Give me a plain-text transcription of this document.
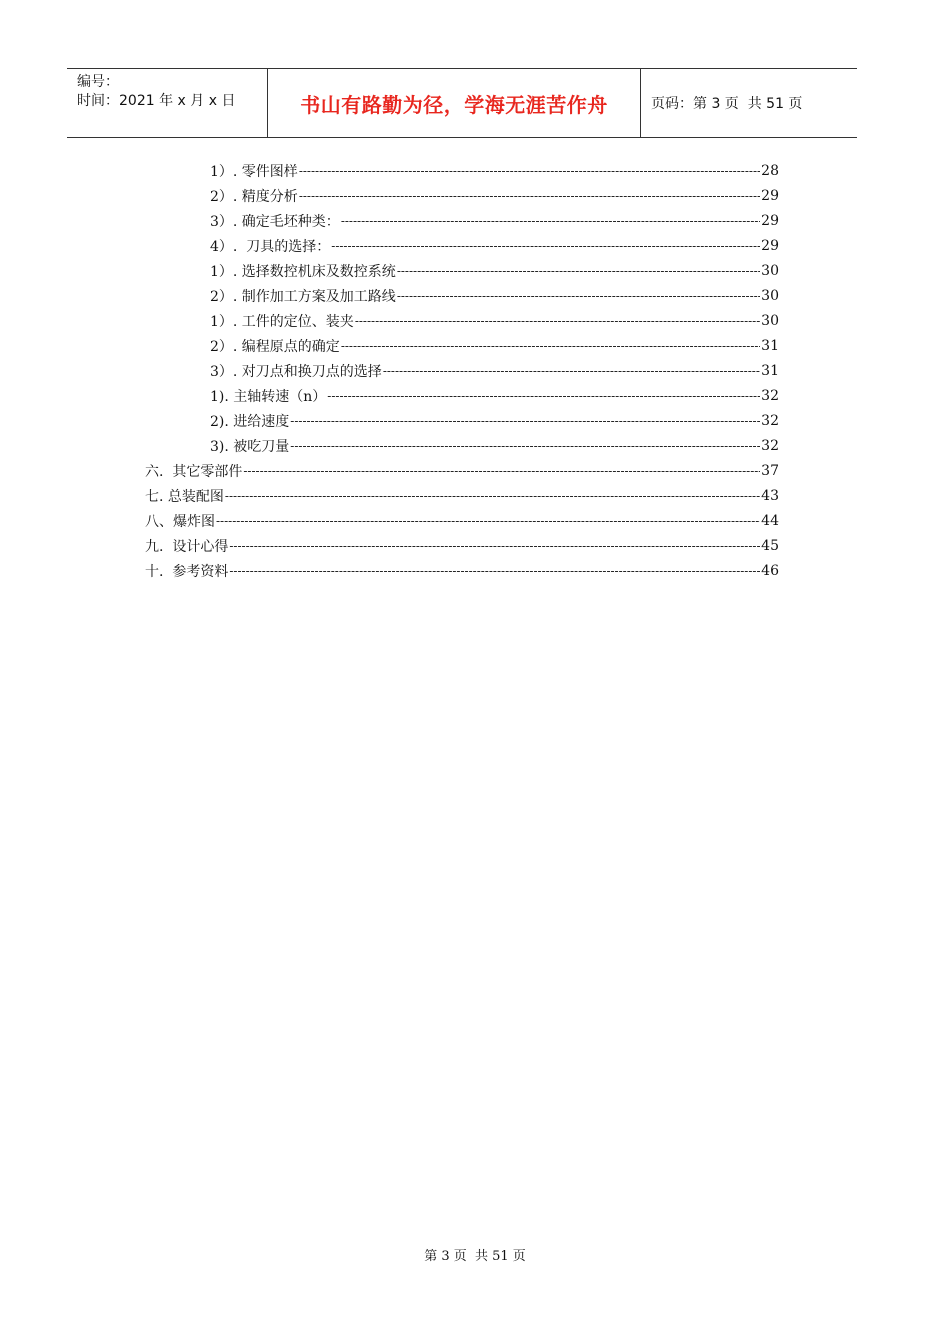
编号：
时间：2021 年 x 月 x 日	书山有路勤为径，学海无涯苦作舟	页码：第 3 页  共 51 页
1）. 零件图样 -----	28
2）. 精度分析 -----	29
3）. 确定毛坯种类： -----	29
4）.  刀具的选择： -----	29
1）. 选择数控机床及数控系统 -----	30
2）. 制作加工方案及加工路线 -----	30
1）. 工件的定位、装夹 -----	30
2）. 编程原点的确定 -----	31
3）. 对刀点和换刀点的选择 -----	31
1). 主轴转速（n） -----	32
2). 进给速度 -----	32
3). 被吃刀量 -----	32
六.  其它零部件 -----	37
七. 总装配图 -----	43
八、爆炸图 -----	44
九.  设计心得 -----	45
十.  参考资料 -----	46
第 3 页  共 51 页
